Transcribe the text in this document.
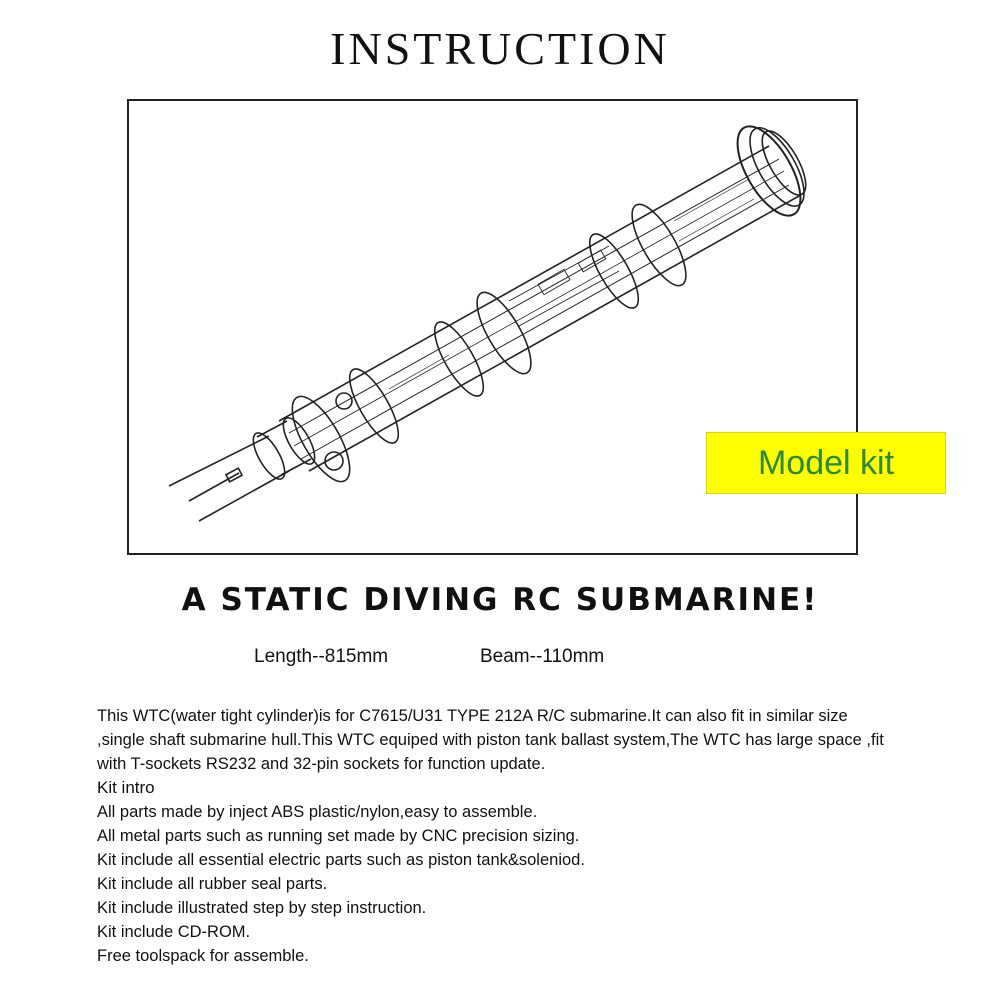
INSTRUCTION
Model kit
A STATIC DIVING RC SUBMARINE!
Length--815mm	Beam--110mm

This WTC(water tight cylinder)is for C7615/U31 TYPE 212A R/C submarine.It can also fit in similar size ,single shaft submarine hull.This WTC equiped with piston tank ballast system,The WTC has large space ,fit with T-sockets RS232 and 32-pin sockets for function update.

Kit intro

All parts made by inject ABS plastic/nylon,easy to assemble.
All metal parts such as running set made by CNC precision sizing.
Kit include all essential electric parts such as piston tank&soleniod.
Kit include all rubber seal parts.
Kit include illustrated step by step instruction.
Kit include CD-ROM.
Free toolspack for assemble.
